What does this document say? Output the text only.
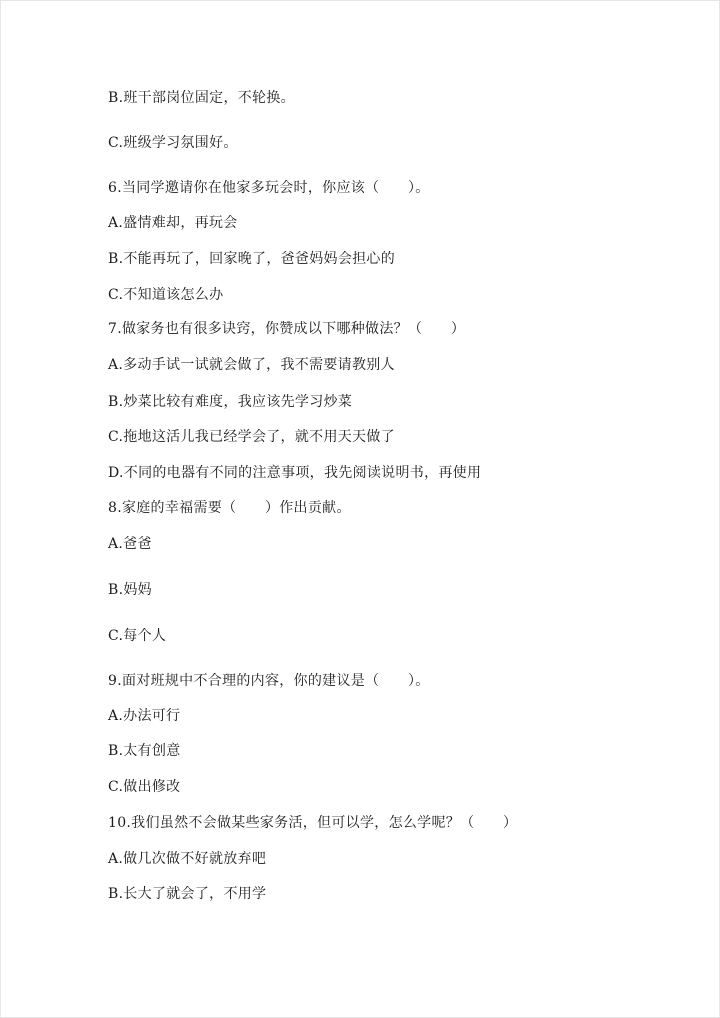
B.班干部岗位固定，不轮换。
C.班级学习氛围好。
6.当同学邀请你在他家多玩会时，你应该（　　）。
A.盛情难却，再玩会
B.不能再玩了，回家晚了，爸爸妈妈会担心的
C.不知道该怎么办
7.做家务也有很多诀窍，你赞成以下哪种做法？（　　）
A.多动手试一试就会做了，我不需要请教别人
B.炒菜比较有难度，我应该先学习炒菜
C.拖地这活儿我已经学会了，就不用天天做了
D.不同的电器有不同的注意事项，我先阅读说明书，再使用
8.家庭的幸福需要（　　）作出贡献。
A.爸爸
B.妈妈
C.每个人
9.面对班规中不合理的内容，你的建议是（　　）。
A.办法可行
B.太有创意
C.做出修改
10.我们虽然不会做某些家务活，但可以学，怎么学呢？（　　）
A.做几次做不好就放弃吧
B.长大了就会了，不用学
